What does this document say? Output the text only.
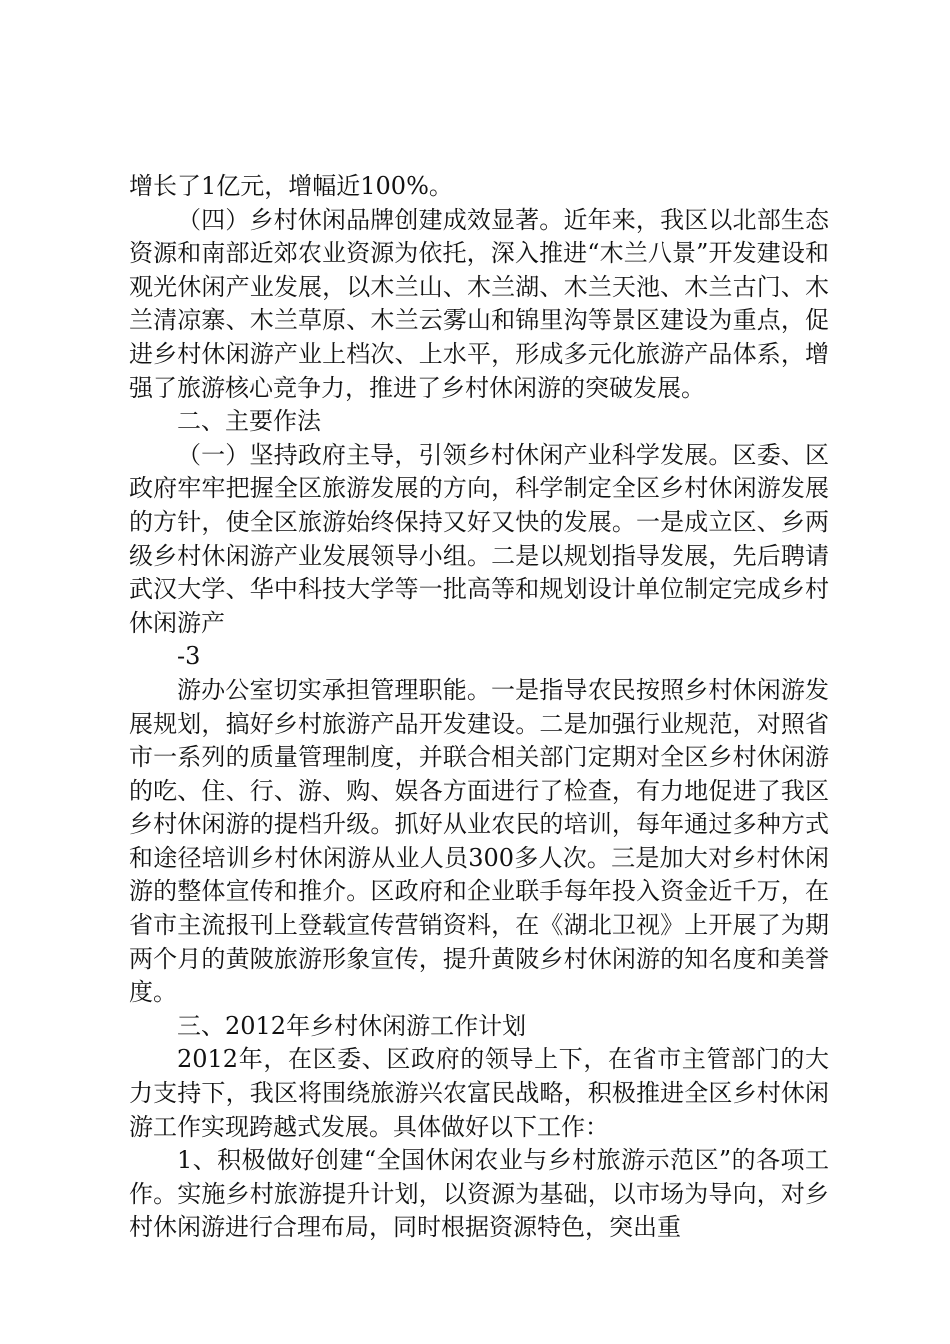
增长了1亿元，增幅近100%。

（四）乡村休闲品牌创建成效显著。近年来，我区以北部生态资源和南部近郊农业资源为依托，深入推进“木兰八景”开发建设和观光休闲产业发展，以木兰山、木兰湖、木兰天池、木兰古门、木兰清凉寨、木兰草原、木兰云雾山和锦里沟等景区建设为重点，促进乡村休闲游产业上档次、上水平，形成多元化旅游产品体系，增强了旅游核心竞争力，推进了乡村休闲游的突破发展。

二、主要作法

（一）坚持政府主导，引领乡村休闲产业科学发展。区委、区政府牢牢把握全区旅游发展的方向，科学制定全区乡村休闲游发展的方针，使全区旅游始终保持又好又快的发展。一是成立区、乡两级乡村休闲游产业发展领导小组。二是以规划指导发展，先后聘请武汉大学、华中科技大学等一批高等和规划设计单位制定完成乡村休闲游产

-3

游办公室切实承担管理职能。一是指导农民按照乡村休闲游发展规划，搞好乡村旅游产品开发建设。二是加强行业规范，对照省市一系列的质量管理制度，并联合相关部门定期对全区乡村休闲游的吃、住、行、游、购、娱各方面进行了检查，有力地促进了我区乡村休闲游的提档升级。抓好从业农民的培训，每年通过多种方式和途径培训乡村休闲游从业人员300多人次。三是加大对乡村休闲游的整体宣传和推介。区政府和企业联手每年投入资金近千万，在省市主流报刊上登载宣传营销资料，在《湖北卫视》上开展了为期两个月的黄陂旅游形象宣传，提升黄陂乡村休闲游的知名度和美誉度。

三、2012年乡村休闲游工作计划

2012年，在区委、区政府的领导上下，在省市主管部门的大力支持下，我区将围绕旅游兴农富民战略，积极推进全区乡村休闲游工作实现跨越式发展。具体做好以下工作：

1、积极做好创建“全国休闲农业与乡村旅游示范区”的各项工作。实施乡村旅游提升计划，以资源为基础，以市场为导向，对乡村休闲游进行合理布局，同时根据资源特色，突出重
